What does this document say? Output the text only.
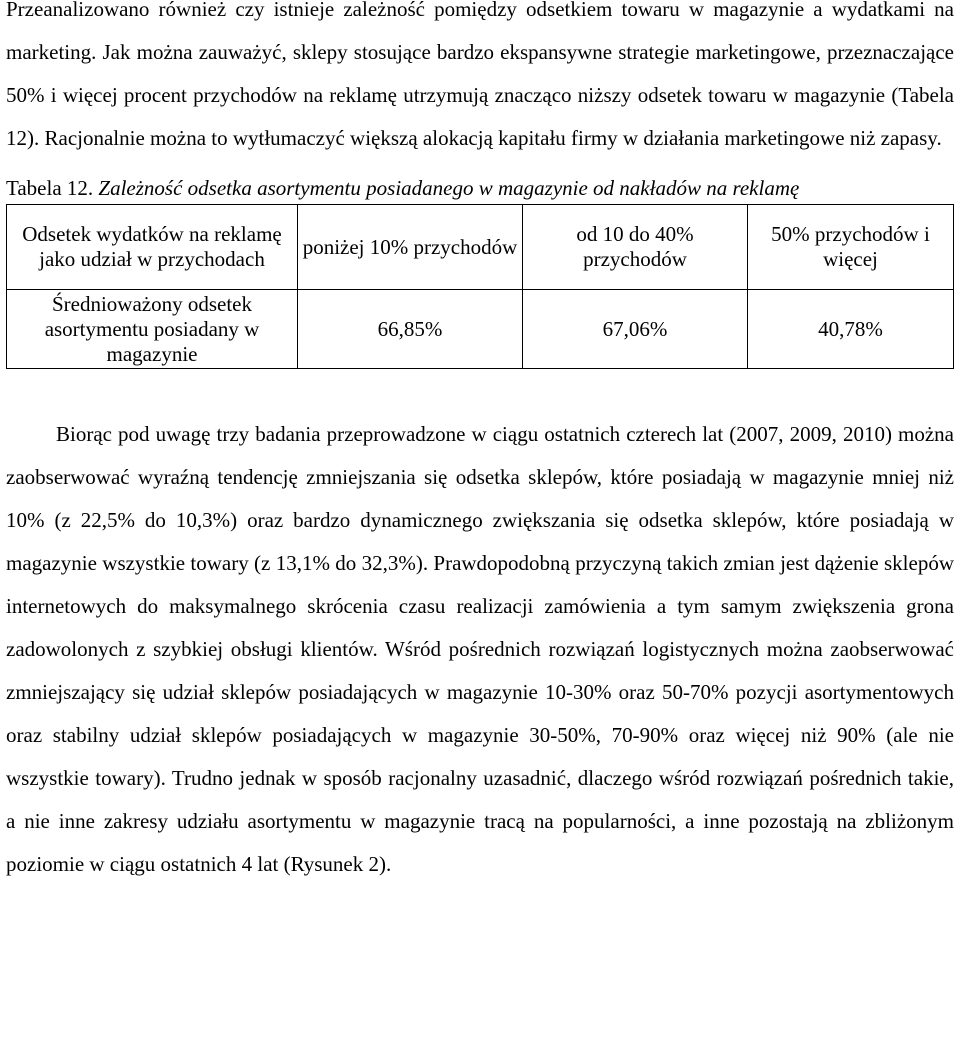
Przeanalizowano również czy istnieje zależność pomiędzy odsetkiem towaru w magazynie a wydatkami na marketing. Jak można zauważyć, sklepy stosujące bardzo ekspansywne strategie marketingowe, przeznaczające 50% i więcej procent przychodów na reklamę utrzymują znacząco niższy odsetek towaru w magazynie (Tabela 12). Racjonalnie można to wytłumaczyć większą alokacją kapitału firmy w działania marketingowe niż zapasy.

Tabela 12. Zależność odsetka asortymentu posiadanego w magazynie od nakładów na reklamę

Odsetek wydatków na reklamę jako udział w przychodach	poniżej 10% przychodów	od 10 do 40% przychodów	50% przychodów i więcej
Średnioważony odsetek asortymentu posiadany w magazynie	66,85%	67,06%	40,78%

Biorąc pod uwagę trzy badania przeprowadzone w ciągu ostatnich czterech lat (2007, 2009, 2010) można zaobserwować wyraźną tendencję zmniejszania się odsetka sklepów, które posiadają w magazynie mniej niż 10% (z 22,5% do 10,3%) oraz bardzo dynamicznego zwiększania się odsetka sklepów, które posiadają w magazynie wszystkie towary (z 13,1% do 32,3%). Prawdopodobną przyczyną takich zmian jest dążenie sklepów internetowych do maksymalnego skrócenia czasu realizacji zamówienia a tym samym zwiększenia grona zadowolonych z szybkiej obsługi klientów. Wśród pośrednich rozwiązań logistycznych można zaobserwować zmniejszający się udział sklepów posiadających w magazynie 10-30% oraz 50-70% pozycji asortymentowych oraz stabilny udział sklepów posiadających w magazynie 30-50%, 70-90% oraz więcej niż 90% (ale nie wszystkie towary). Trudno jednak w sposób racjonalny uzasadnić, dlaczego wśród rozwiązań pośrednich takie, a nie inne zakresy udziału asortymentu w magazynie tracą na popularności, a inne pozostają na zbliżonym poziomie w ciągu ostatnich 4 lat (Rysunek 2).
